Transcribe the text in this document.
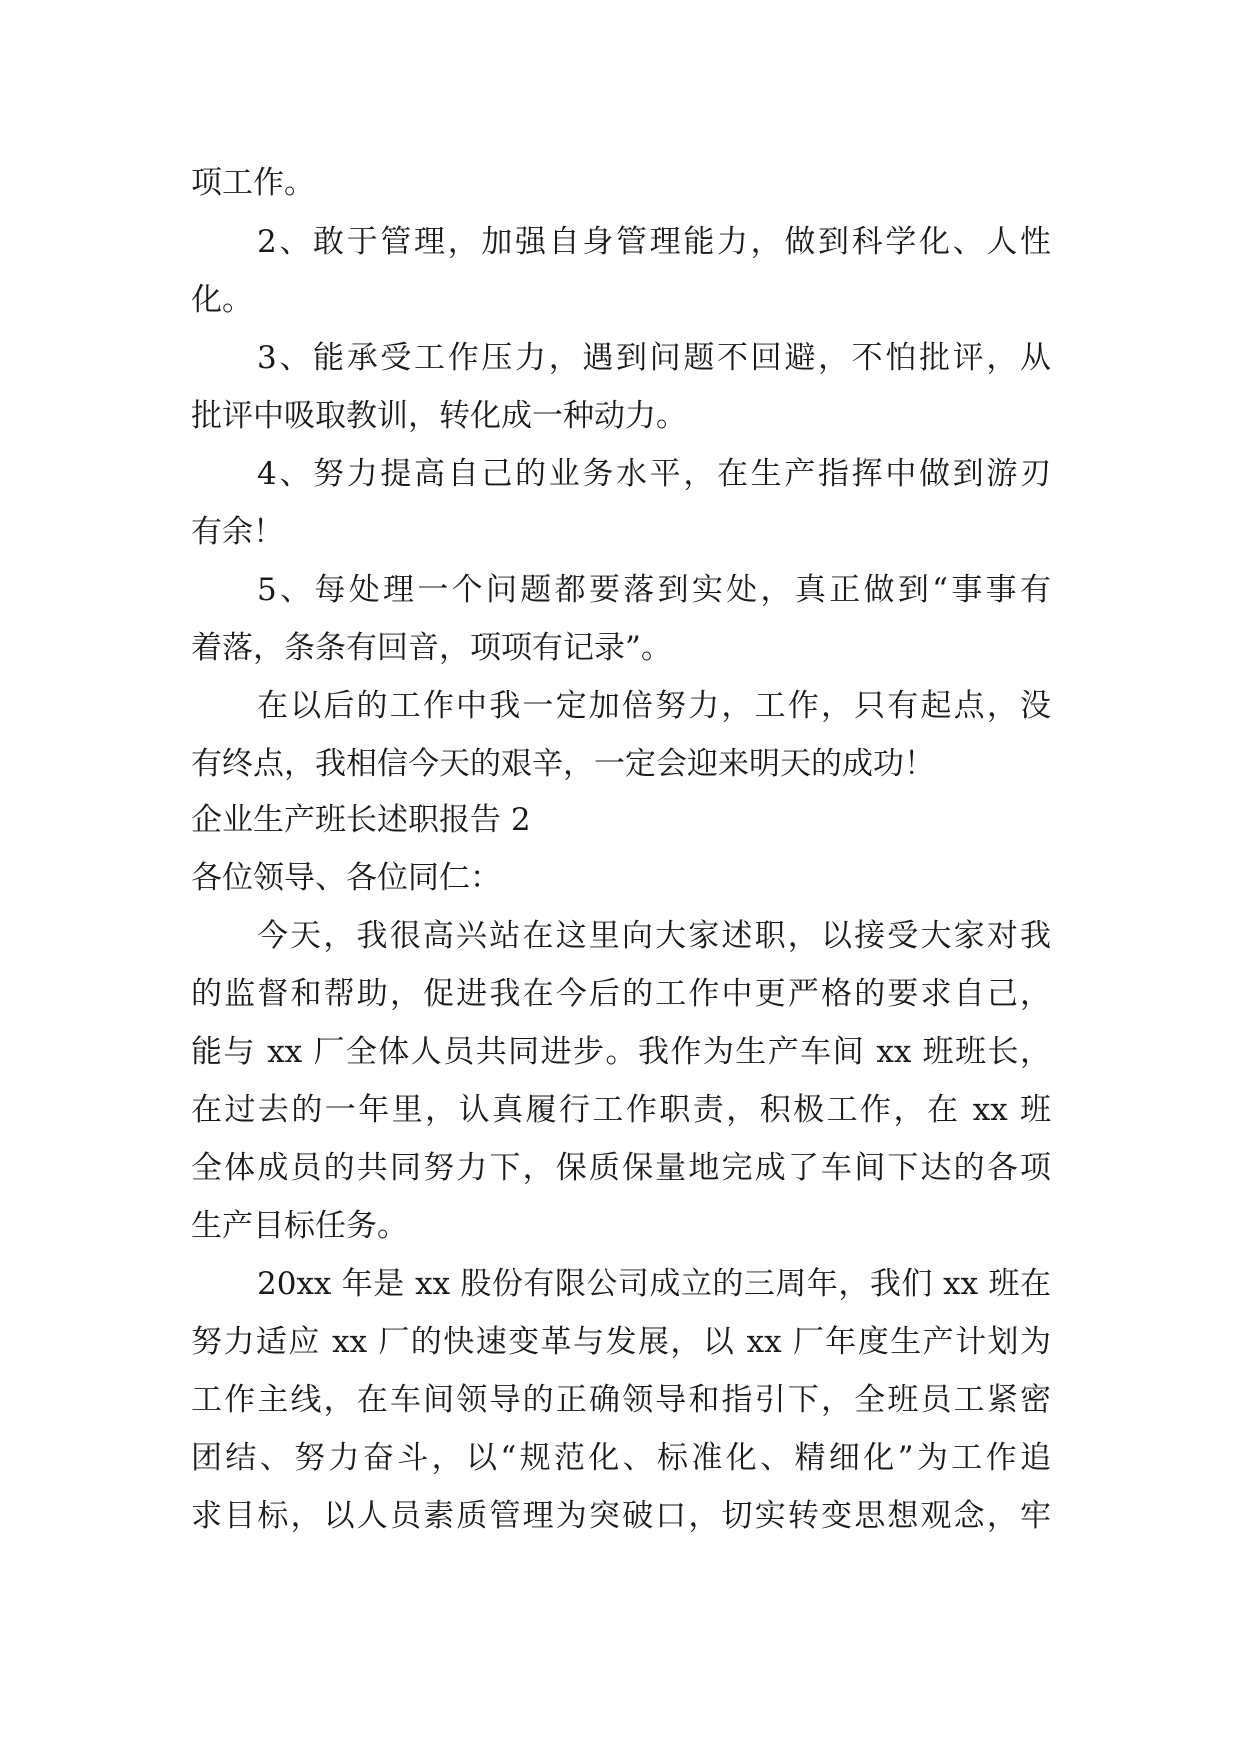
项工作。
2、敢于管理，加强自身管理能力，做到科学化、人性
化。
3、能承受工作压力，遇到问题不回避，不怕批评，从
批评中吸取教训，转化成一种动力。
4、努力提高自己的业务水平，在生产指挥中做到游刃
有余！
5、每处理一个问题都要落到实处，真正做到“事事有
着落，条条有回音，项项有记录”。
在以后的工作中我一定加倍努力，工作，只有起点，没
有终点，我相信今天的艰辛，一定会迎来明天的成功！
企业生产班长述职报告 2
各位领导、各位同仁：
今天，我很高兴站在这里向大家述职，以接受大家对我
的监督和帮助，促进我在今后的工作中更严格的要求自己，
能与 xx 厂全体人员共同进步。我作为生产车间 xx 班班长，
在过去的一年里，认真履行工作职责，积极工作，在 xx 班
全体成员的共同努力下，保质保量地完成了车间下达的各项
生产目标任务。
20xx 年是 xx 股份有限公司成立的三周年，我们 xx 班在
努力适应 xx 厂的快速变革与发展，以 xx 厂年度生产计划为
工作主线，在车间领导的正确领导和指引下，全班员工紧密
团结、努力奋斗，以“规范化、标准化、精细化”为工作追
求目标，以人员素质管理为突破口，切实转变思想观念，牢
